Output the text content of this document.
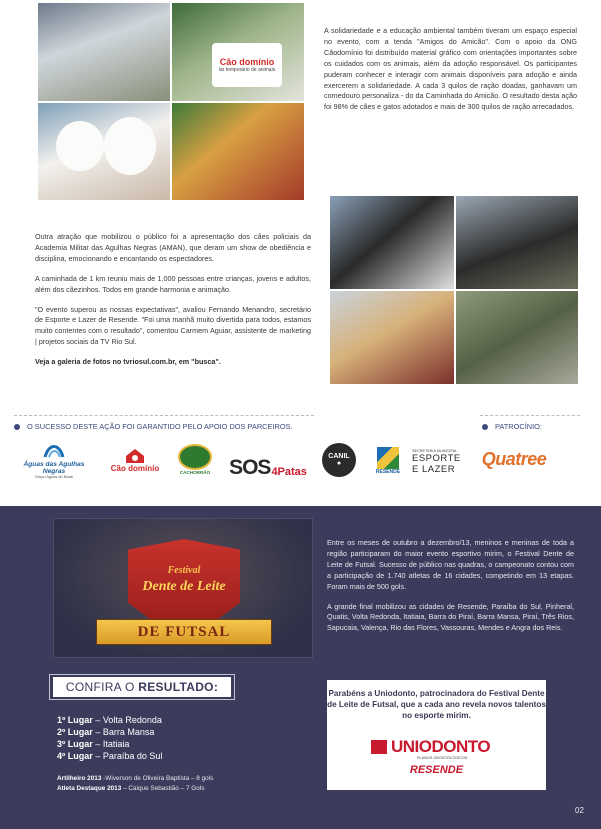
Cão domínio
lar temporário de animais

A solidariedade e a educação ambiental também tiveram um espaço especial no evento, com a tenda "Amigos do Amicão". Com o apoio da ONG Cãodomínio foi distribuído material gráfico com orientações importantes sobre os cuidados com os animais, além da adoção responsável. Os participantes puderam conhecer e interagir com animais disponíveis para adoção e ainda exercerem a solidariedade. A cada 3 quilos de ração doadas, ganhavam um comedouro personaliza - do da Caminhada do Amicão. O resultado desta ação foi 98% de cães e gatos adotados e mais de 300 quilos de ração arrecadados.

Outra atração que mobilizou o público foi a apresentação dos cães policiais da Academia Militar das Agulhas Negras (AMAN), que deram um show de obediência e disciplina, emocionando e encantando os espectadores.

A caminhada de 1 km reuniu mais de 1.000 pessoas entre crianças, jovens e adultos, além dos cãezinhos. Todos em grande harmonia e animação.

"O evento superou as nossas expectativas", avaliou Fernando Menandro, secretário de Esporte e Lazer de Resende. "Foi uma manhã muito divertida para todos, estamos muito contentes com o resultado", comentou Carmem Aguiar, assistente de marketing | projetos sociais da TV Rio Sul.

Veja a galeria de fotos no tvriosul.com.br, em "busca".

O SUCESSO DESTE AÇÃO FOI GARANTIDO PELO APOIO DOS PARCEIROS.	PATROCÍNIO:
Águas das Agulhas Negras
Grupo Águas do Brasil
Cão domínio	CACHORRÃO SOS 4Patas
CANIL
●
RESENDE
SECRETARIA MUNICIPAL
ESPORTE
E LAZER
Quatree
Festival
Dente de Leite
DE FUTSAL

Entre os meses de outubro a dezembro/13, meninos e meninas de toda a região participaram do maior evento esportivo mirim, o Festival Dente de Leite de Futsal. Sucesso de público nas quadras, o campeonato contou com a participação de 1.740 atletas de 16 cidades, competindo em 13 etapas. Foram mais de 500 gols.

A grande final mobilizou as cidades de Resende, Paraíba do Sul, Pinheral, Quatis, Volta Redonda, Itatiaia, Barra do Piraí, Barra Mansa, Piraí, Três Rios, Sapucaia, Valença, Rio das Flores, Vassouras, Mendes e Angra dos Reis.

CONFIRA O
RESULTADO:
1º Lugar – Volta Redonda
2º Lugar – Barra Mansa
3º Lugar – Itatiaia
4º Lugar – Paraíba do Sul
Artilheiro 2013 -Wiverson de Oliveira Baptista – 8 gols
Atleta Destaque 2013 – Caique Sebastião – 7 Gols
Parabéns a Uniodonto, patrocinadora do Festival Dente de Leite de Futsal, que a cada ano revela novos talentos no esporte mirim.
UNIODONTO
PLANOS ODONTOLÓGICOS
RESENDE
02
